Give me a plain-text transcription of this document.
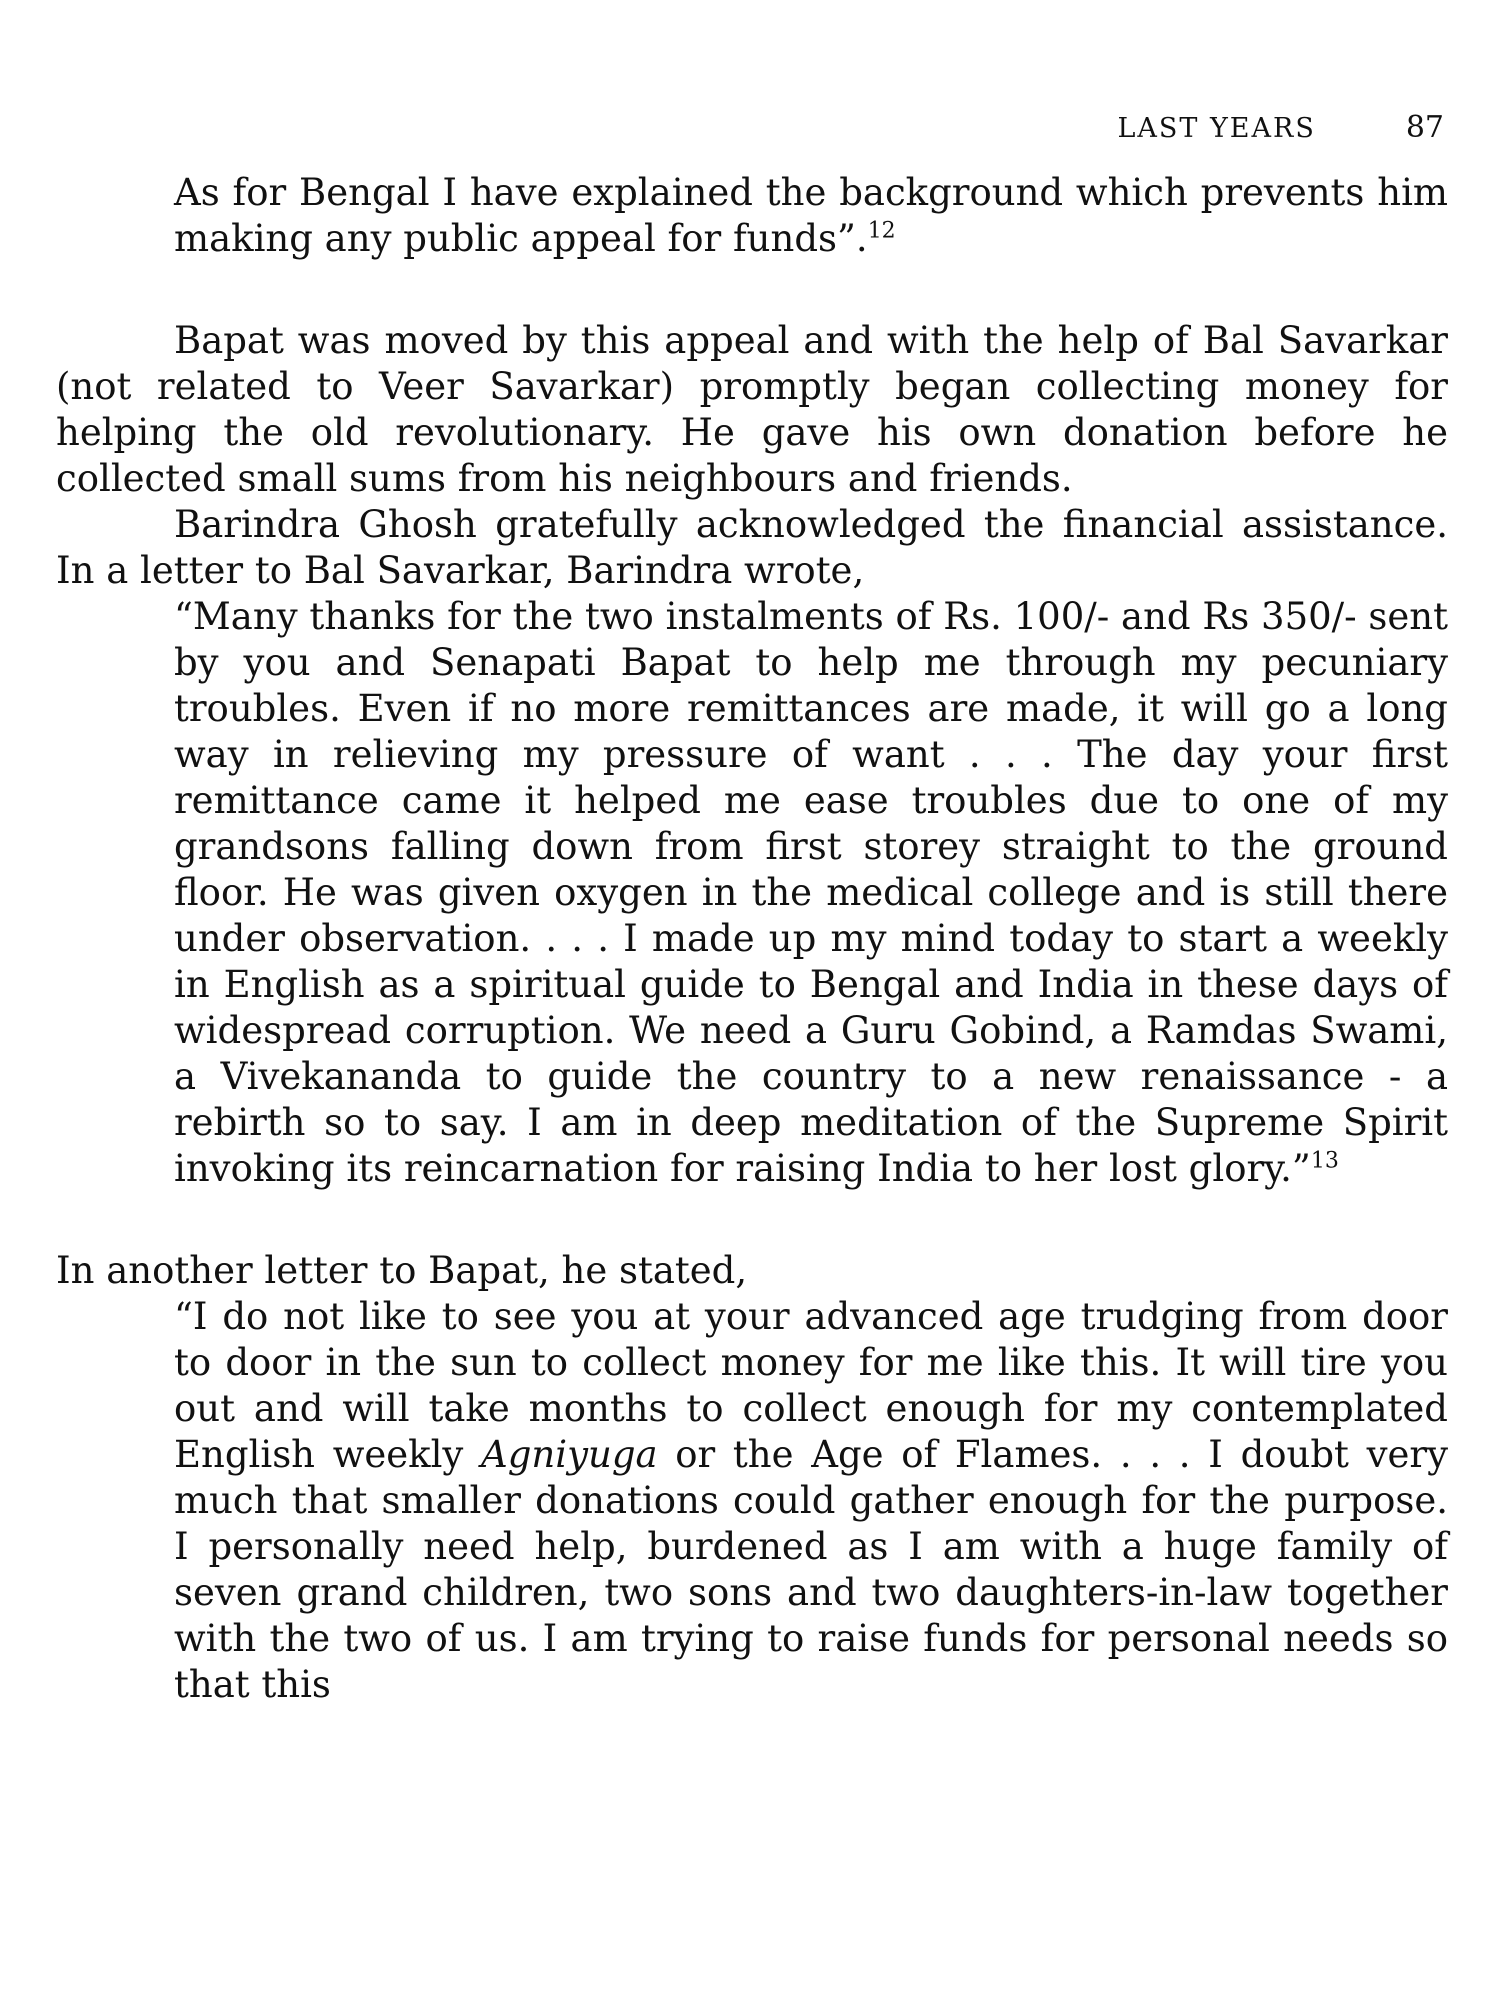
LAST YEARS	87

As for Bengal I have explained the background which prevents him making any public appeal for funds”.$^{12}$

Bapat was moved by this appeal and with the help of Bal Savarkar (not related to Veer Savarkar) promptly began collecting money for helping the old revolutionary. He gave his own donation before he collected small sums from his neighbours and friends.

Barindra Ghosh gratefully acknowledged the financial assistance. In a letter to Bal Savarkar, Barindra wrote,

“Many thanks for the two instalments of Rs. 100/- and Rs 350/- sent by you and Senapati Bapat to help me through my pecuniary troubles. Even if no more remittances are made, it will go a long way in relieving my pressure of want . . . The day your first remittance came it helped me ease troubles due to one of my grandsons falling down from first storey straight to the ground floor. He was given oxygen in the medical college and is still there under observation. . . . I made up my mind today to start a weekly in English as a spiritual guide to Bengal and India in these days of widespread corruption. We need a Guru Gobind, a Ramdas Swami, a Vivekananda to guide the country to a new renaissance - a rebirth so to say. I am in deep meditation of the Supreme Spirit invoking its reincarnation for raising India to her lost glory.”$^{13}$

In another letter to Bapat, he stated,

“I do not like to see you at your advanced age trudging from door to door in the sun to collect money for me like this. It will tire you out and will take months to collect enough for my contemplated English weekly Agniyuga or the Age of Flames. . . . I doubt very much that smaller donations could gather enough for the purpose. I personally need help, burdened as I am with a huge family of seven grand children, two sons and two daughters-in-law together with the two of us. I am trying to raise funds for personal needs so that this
